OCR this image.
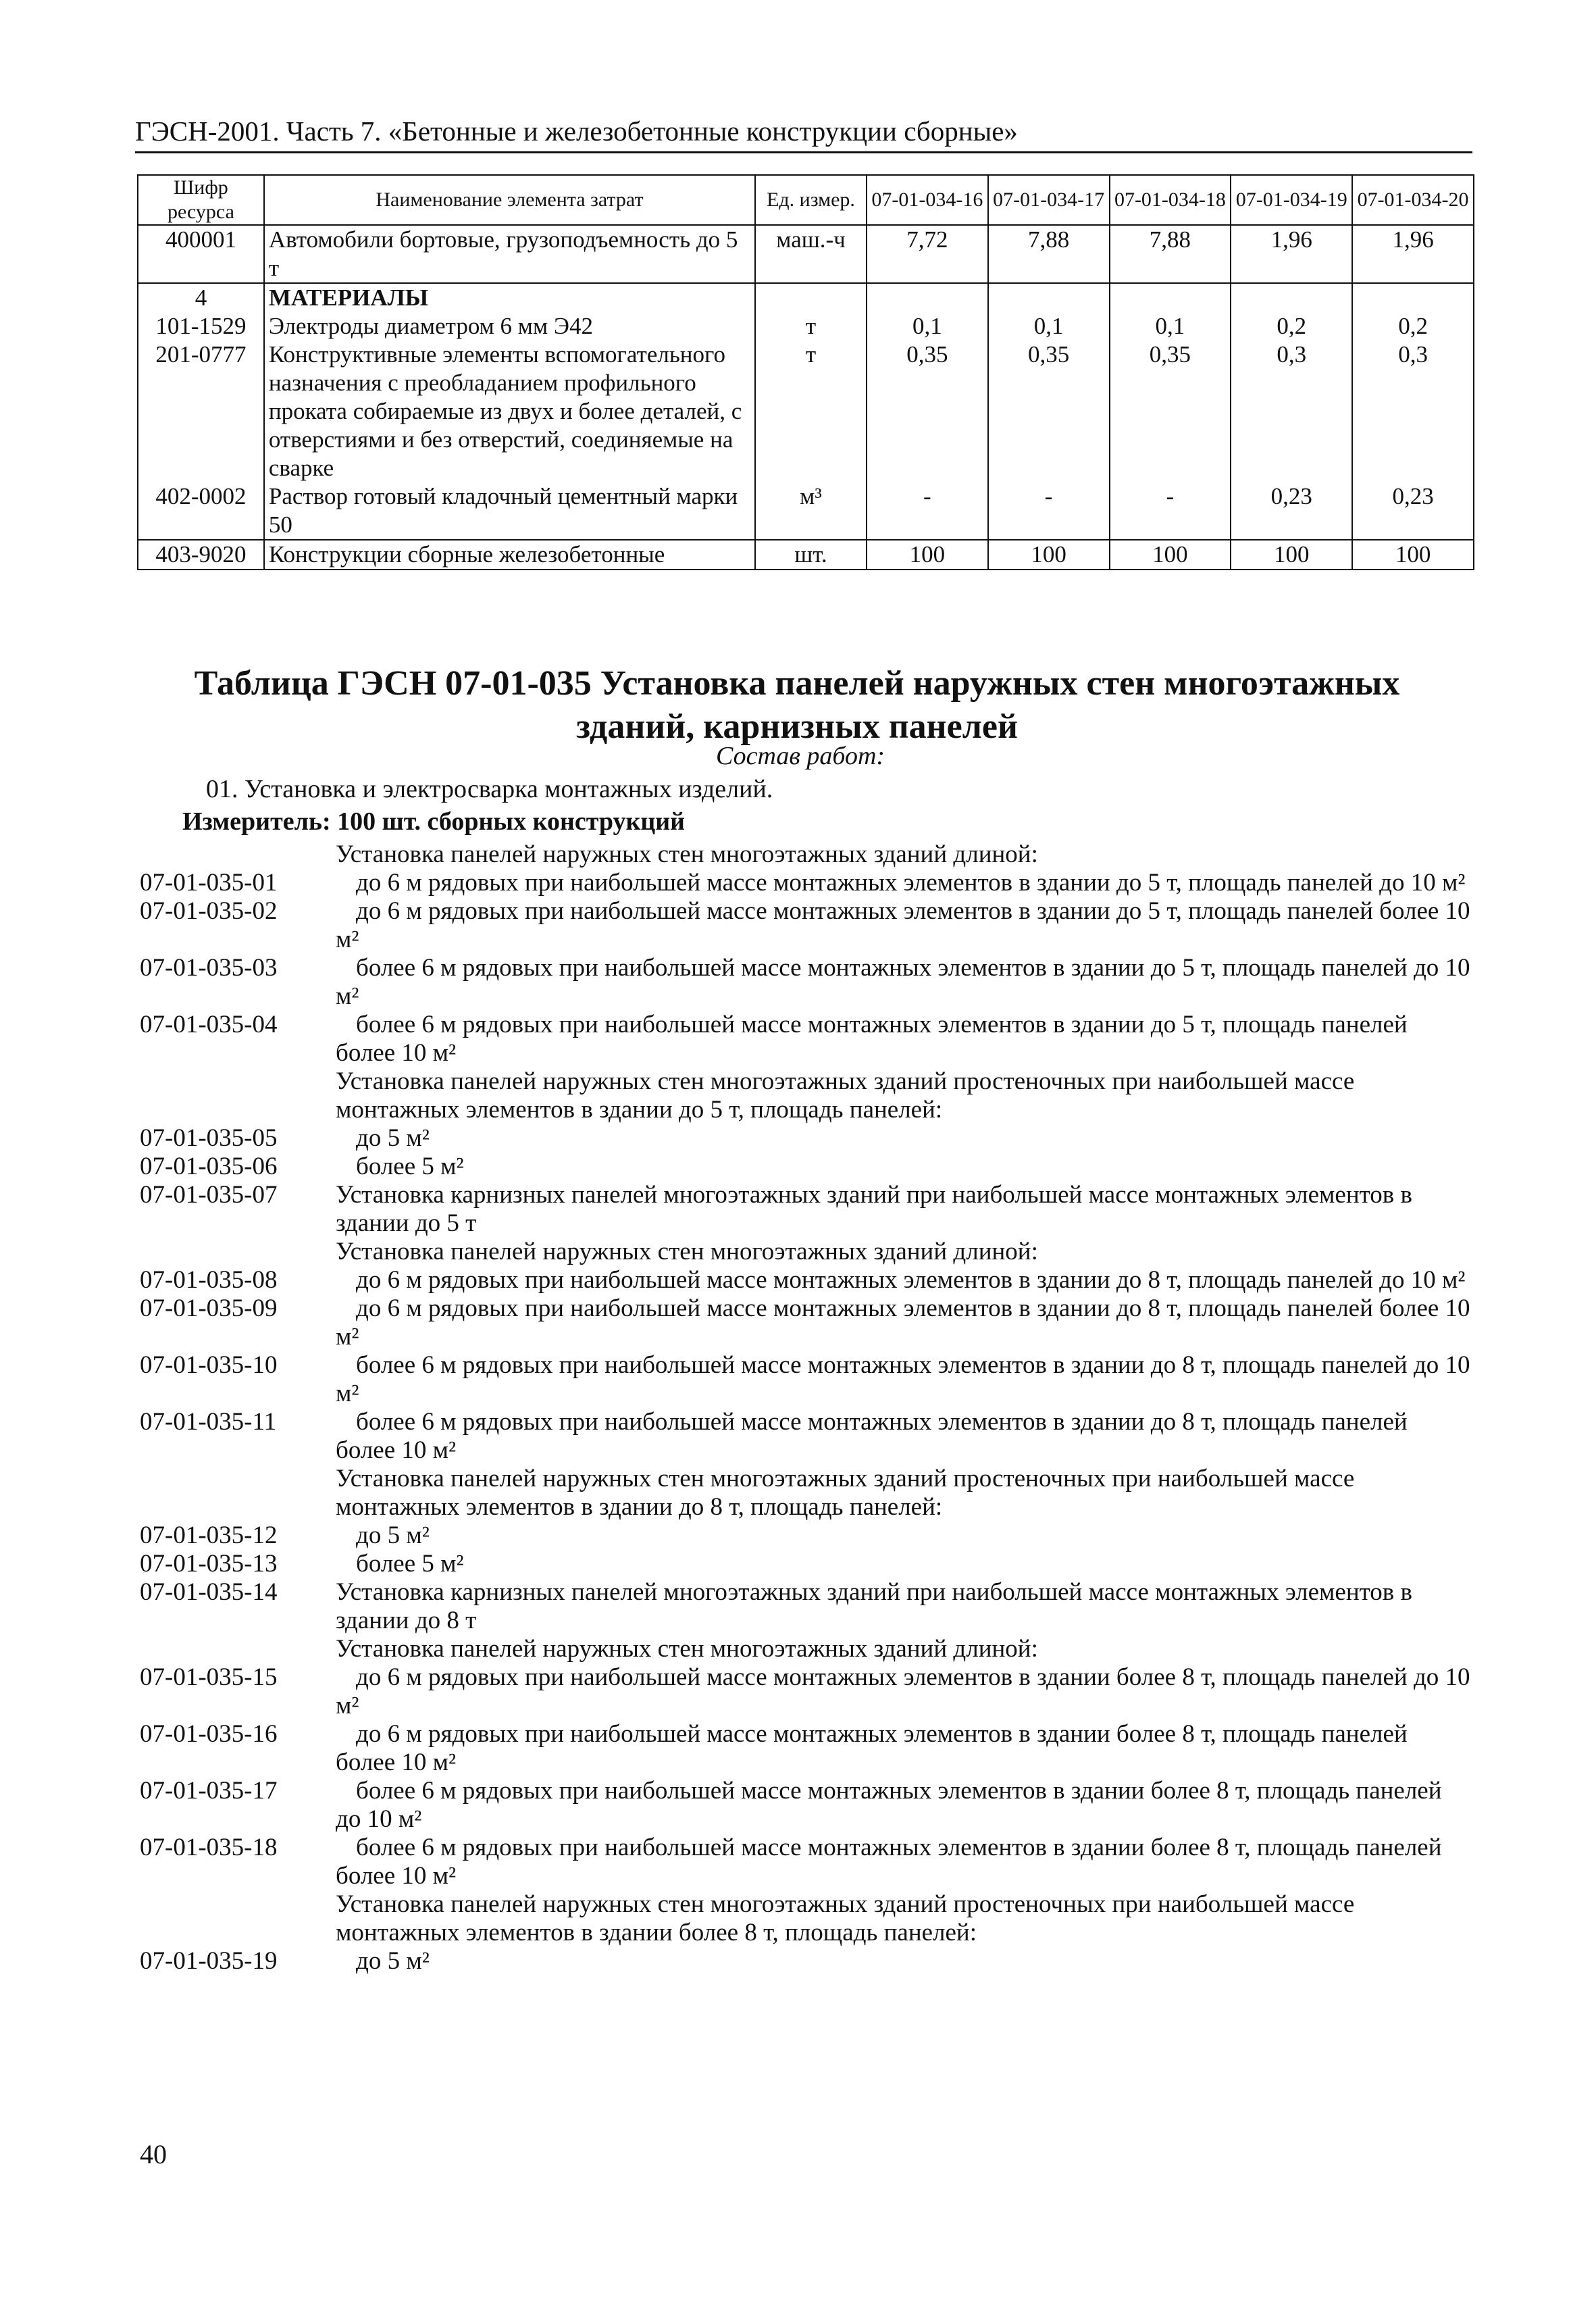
ГЭСН-2001. Часть 7. «Бетонные и железобетонные конструкции сборные»
Шифр ресурса	Наименование элемента затрат	Ед. измер.	07-01-034-16	07-01-034-17	07-01-034-18	07-01-034-19	07-01-034-20
400001	Автомобили бортовые, грузоподъемность до 5 т	маш.-ч	7,72	7,88	7,88	1,96	1,96
4	МАТЕРИАЛЫ						
101-1529	Электроды диаметром 6 мм Э42	т	0,1	0,1	0,1	0,2	0,2
201-0777	Конструктивные элементы вспомогательного назначения с преобладанием профильного проката собираемые из двух и более деталей, с отверстиями и без отверстий, соединяемые на сварке	т	0,35	0,35	0,35	0,3	0,3
402-0002	Раствор готовый кладочный цементный марки 50	м³	-	-	-	0,23	0,23
403-9020	Конструкции сборные железобетонные	шт.	100	100	100	100	100
Таблица ГЭСН 07-01-035 Установка панелей наружных стен многоэтажных зданий, карнизных панелей
Состав работ:
01. Установка и электросварка монтажных изделий.
Измеритель: 100 шт. сборных конструкций
Установка панелей наружных стен многоэтажных зданий длиной:
07-01-035-01	до 6 м рядовых при наибольшей массе монтажных элементов в здании до 5 т, площадь панелей до 10 м²
07-01-035-02	до 6 м рядовых при наибольшей массе монтажных элементов в здании до 5 т, площадь панелей более 10 м²
07-01-035-03	более 6 м рядовых при наибольшей массе монтажных элементов в здании до 5 т, площадь панелей до 10 м²
07-01-035-04	более 6 м рядовых при наибольшей массе монтажных элементов в здании до 5 т, площадь панелей более 10 м²
Установка панелей наружных стен многоэтажных зданий простеночных при наибольшей массе монтажных элементов в здании до 5 т, площадь панелей:
07-01-035-05	до 5 м²
07-01-035-06	более 5 м²
07-01-035-07	Установка карнизных панелей многоэтажных зданий при наибольшей массе монтажных элементов в здании до 5 т
Установка панелей наружных стен многоэтажных зданий длиной:
07-01-035-08	до 6 м рядовых при наибольшей массе монтажных элементов в здании до 8 т, площадь панелей до 10 м²
07-01-035-09	до 6 м рядовых при наибольшей массе монтажных элементов в здании до 8 т, площадь панелей более 10 м²
07-01-035-10	более 6 м рядовых при наибольшей массе монтажных элементов в здании до 8 т, площадь панелей до 10 м²
07-01-035-11	более 6 м рядовых при наибольшей массе монтажных элементов в здании до 8 т, площадь панелей более 10 м²
Установка панелей наружных стен многоэтажных зданий простеночных при наибольшей массе монтажных элементов в здании до 8 т, площадь панелей:
07-01-035-12	до 5 м²
07-01-035-13	более 5 м²
07-01-035-14	Установка карнизных панелей многоэтажных зданий при наибольшей массе монтажных элементов в здании до 8 т
Установка панелей наружных стен многоэтажных зданий длиной:
07-01-035-15	до 6 м рядовых при наибольшей массе монтажных элементов в здании более 8 т, площадь панелей до 10 м²
07-01-035-16	до 6 м рядовых при наибольшей массе монтажных элементов в здании более 8 т, площадь панелей более 10 м²
07-01-035-17	более 6 м рядовых при наибольшей массе монтажных элементов в здании более 8 т, площадь панелей до 10 м²
07-01-035-18	более 6 м рядовых при наибольшей массе монтажных элементов в здании более 8 т, площадь панелей более 10 м²
Установка панелей наружных стен многоэтажных зданий простеночных при наибольшей массе монтажных элементов в здании более 8 т, площадь панелей:
07-01-035-19	до 5 м²
40
